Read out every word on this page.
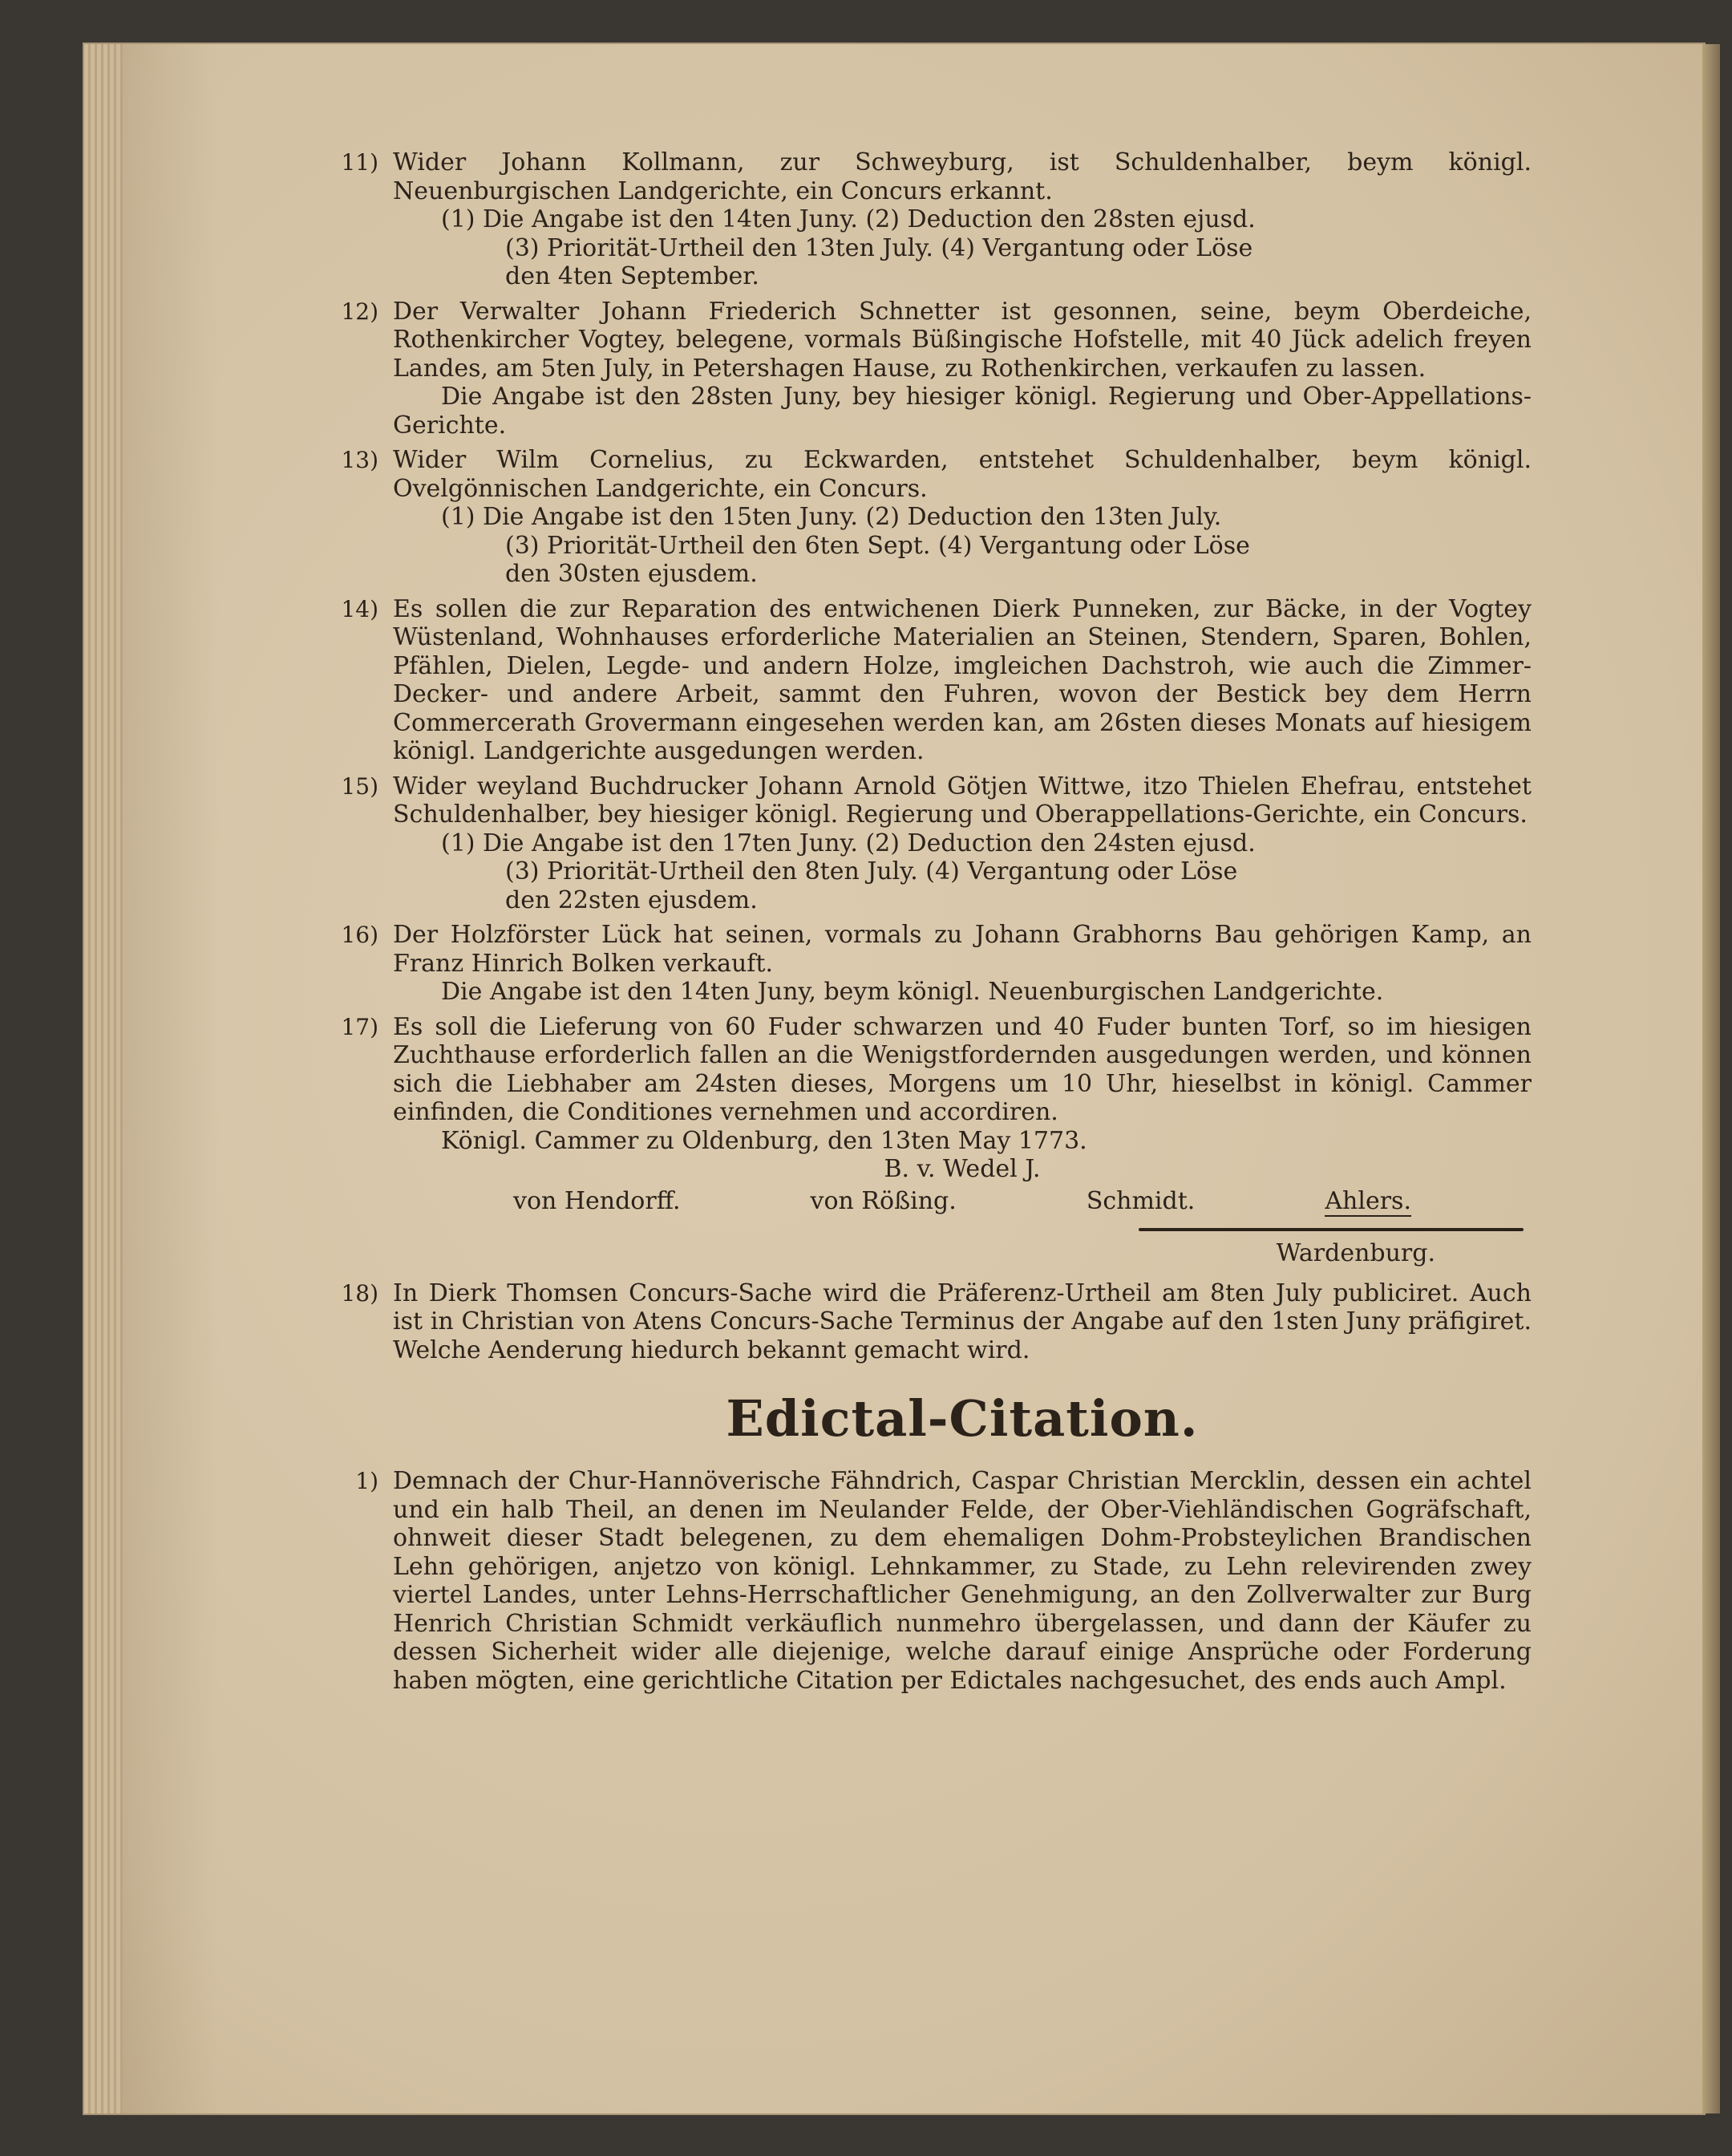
11) Wider Johann Kollmann, zur Schweyburg, ist Schuldenhalber, beym königl. Neuenburgischen Landgerichte, ein Concurs erkannt.
(1) Die Angabe ist den 14ten Juny. (2) Deduction den 28sten ejusd.
(3) Priorität-Urtheil den 13ten July. (4) Vergantung oder Löse
den 4ten September.
12) Der Verwalter Johann Friederich Schnetter ist gesonnen, seine, beym Oberdeiche, Rothenkircher Vogtey, belegene, vormals Büßingische Hofstelle, mit 40 Jück adelich freyen Landes, am 5ten July, in Petershagen Hause, zu Rothenkirchen, verkaufen zu lassen.
Die Angabe ist den 28sten Juny, bey hiesiger königl. Regierung und Ober-Appellations-Gerichte.
13) Wider Wilm Cornelius, zu Eckwarden, entstehet Schuldenhalber, beym königl. Ovelgönnischen Landgerichte, ein Concurs.
(1) Die Angabe ist den 15ten Juny. (2) Deduction den 13ten July.
(3) Priorität-Urtheil den 6ten Sept. (4) Vergantung oder Löse
den 30sten ejusdem.
14) Es sollen die zur Reparation des entwichenen Dierk Punneken, zur Bäcke, in der Vogtey Wüstenland, Wohnhauses erforderliche Materialien an Steinen, Stendern, Sparen, Bohlen, Pfählen, Dielen, Legde- und andern Holze, imgleichen Dachstroh, wie auch die Zimmer-Decker- und andere Arbeit, sammt den Fuhren, wovon der Bestick bey dem Herrn Commercerath Grovermann eingesehen werden kan, am 26sten dieses Monats auf hiesigem königl. Landgerichte ausgedungen werden.
15) Wider weyland Buchdrucker Johann Arnold Götjen Wittwe, itzo Thielen Ehefrau, entstehet Schuldenhalber, bey hiesiger königl. Regierung und Oberappellations-Gerichte, ein Concurs.
(1) Die Angabe ist den 17ten Juny. (2) Deduction den 24sten ejusd.
(3) Priorität-Urtheil den 8ten July. (4) Vergantung oder Löse
den 22sten ejusdem.
16) Der Holzförster Lück hat seinen, vormals zu Johann Grabhorns Bau gehörigen Kamp, an Franz Hinrich Bolken verkauft.
Die Angabe ist den 14ten Juny, beym königl. Neuenburgischen Landgerichte.
17) Es soll die Lieferung von 60 Fuder schwarzen und 40 Fuder bunten Torf, so im hiesigen Zuchthause erforderlich fallen an die Wenigstfordernden ausgedungen werden, und können sich die Liebhaber am 24sten dieses, Morgens um 10 Uhr, hieselbst in königl. Cammer einfinden, die Conditiones vernehmen und accordiren.
Königl. Cammer zu Oldenburg, den 13ten May 1773.
B. v. Wedel J.
von Hendorff.	von Rößing.	Schmidt.	Ahlers.
Wardenburg.
18) In Dierk Thomsen Concurs-Sache wird die Präferenz-Urtheil am 8ten July publiciret. Auch ist in Christian von Atens Concurs-Sache Terminus der Angabe auf den 1sten Juny präfigiret. Welche Aenderung hiedurch bekannt gemacht wird.
Edictal-Citation.
1) Demnach der Chur-Hannöverische Fähndrich, Caspar Christian Mercklin, dessen ein achtel und ein halb Theil, an denen im Neulander Felde, der Ober-Viehländischen Gogräfschaft, ohnweit dieser Stadt belegenen, zu dem ehemaligen Dohm-Probsteylichen Brandischen Lehn gehörigen, anjetzo von königl. Lehnkammer, zu Stade, zu Lehn relevirenden zwey viertel Landes, unter Lehns-Herrschaftlicher Genehmigung, an den Zollverwalter zur Burg Henrich Christian Schmidt verkäuflich nunmehro übergelassen, und dann der Käufer zu dessen Sicherheit wider alle diejenige, welche darauf einige Ansprüche oder Forderung haben mögten, eine gerichtliche Citation per Edictales nachgesuchet, des ends auch Ampl.
